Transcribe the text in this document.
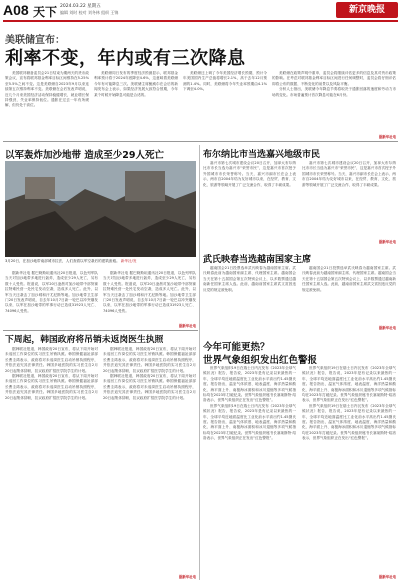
A08 天下 2024.03.22 星期五
编辑 刘时 校对 刘冬林 组织 王锦	新京晚报
美联储宣布：
利率不变，年内或有三次降息

美国联邦储备委员会21日结束为期两天的货币政策会议，宣布将联邦基金利率目标区间维持在5.25%至5.5%之间不变。这是美联储自2023年9月以来连续第五次维持利率不变。美联储在会后发表声明说，近几个月来美国经济活动保持稳健增长，就业增长保持强劲，失业率保持低位。通胀在过去一年有所缓解，但仍处于高位。

美联储同日发布的季度经济预测显示，联邦基金利率预计将于2024年底降至4.6%，这意味着美联储今年有可能降息三次。美联储主席鲍威尔在会后的新闻发布会上表示，如果经济发展大致符合预期，今年某个时候开始降息可能是合适的。

美联储还上调了今年美国经济增长预期，预计今年美国国内生产总值将增长2.1%，高于去年12月预测的1.4%。同时，美联储将今年失业率预期由4.1%下调至4.0%。

美联储在政策声明中重申，委员会将继续评估更多的信息及其对货币政策的影响。在考虑对联邦基金利率目标区间进行任何调整时，委员会将仔细评估即将公布的数据、不断变化的前景以及风险平衡。

分析人士指出，美联储今年降息节奏将取决于通胀回落的速度和劳动力市场的变化。市场普遍预计首次降息可能在6月份。

据新华社电
以军轰炸加沙地带 造成至少29人死亡
3月20日，在加沙地带南部城市拉法，人们查看以军空袭后的建筑废墟。 新华社/发

据新华社电 据巴勒斯坦通讯社20日报道，以色列军队当天对加沙地带多地进行轰炸，造成至少29人死亡，另有数十人受伤。报道说，以军20日凌晨对加沙地带中部努赛拉特难民营一处民宅发动空袭，造成多人死亡。此外，以军当天还袭击了加沙城和汗尤尼斯等地。加沙地带卫生部门20日发表声明说，自去年10月7日新一轮巴以冲突爆发以来，以军在加沙地带的军事行动已造成31923人死亡、74096人受伤。

据新华社电 据巴勒斯坦通讯社20日报道，以色列军队当天对加沙地带多地进行轰炸，造成至少29人死亡，另有数十人受伤。报道说，以军20日凌晨对加沙地带中部努赛拉特难民营一处民宅发动空袭，造成多人死亡。此外，以军当天还袭击了加沙城和汗尤尼斯等地。加沙地带卫生部门20日发表声明说，自去年10月7日新一轮巴以冲突爆发以来，以军在加沙地带的军事行动已造成31923人死亡、74096人受伤。

据新华社电
布尔纳比市当选嘉兴地级市民

嘉兴市第七次城市建设会议20日召开，加拿大布尔纳比市市长当选为嘉兴市“荣誉市民”，这是嘉兴市首次授予外国城市市长荣誉称号。当天，嘉兴市副市长在会上表示，两市自2004年结为友好城市以来，在经贸、教育、文化、旅游等领域开展了广泛交流合作，取得了丰硕成果。

嘉兴市第七次城市建设会议20日召开，加拿大布尔纳比市市长当选为嘉兴市“荣誉市民”，这是嘉兴市首次授予外国城市市长荣誉称号。当天，嘉兴市副市长在会上表示，两市自2004年结为友好城市以来，在经贸、教育、文化、旅游等领域开展了广泛交流合作，取得了丰硕成果。

据新华社电
武氏映春当选越南国家主席

越南国会21日投票选举武氏映春为越南国家主席。武氏映春此前为越南国家副主席、代理国家主席。越南国会当天在第十五届国会第五次特别会议上，以多数票通过越南新任国家主席人选。此前，越南前国家主席武文赏因违反党的规定被免职。

越南国会21日投票选举武氏映春为越南国家主席。武氏映春此前为越南国家副主席、代理国家主席。越南国会当天在第十五届国会第五次特别会议上，以多数票通过越南新任国家主席人选。此前，越南前国家主席武文赏因违反党的规定被免职。

据新华社电
今年可能更热？
世界气象组织发出红色警报

世界气象组织19日在瑞士日内瓦发布《2023年全球气候状况》报告，报告说，2023年是有记录以来最热的一年，全球平均近地面温度比工业化前水平高出约1.45摄氏度。报告指出，温室气体浓度、地表温度、海洋热量和酸化、海平面上升、南极海冰面积和冰川退缩等多项气候指标均在2023年打破纪录。世界气象组织秘书长塞莱斯特·绍洛表示，世界气象组织正在发出“红色警报”。

世界气象组织19日在瑞士日内瓦发布《2023年全球气候状况》报告，报告说，2023年是有记录以来最热的一年，全球平均近地面温度比工业化前水平高出约1.45摄氏度。报告指出，温室气体浓度、地表温度、海洋热量和酸化、海平面上升、南极海冰面积和冰川退缩等多项气候指标均在2023年打破纪录。世界气象组织秘书长塞莱斯特·绍洛表示，世界气象组织正在发出“红色警报”。

世界气象组织19日在瑞士日内瓦发布《2023年全球气候状况》报告，报告说，2023年是有记录以来最热的一年，全球平均近地面温度比工业化前水平高出约1.45摄氏度。报告指出，温室气体浓度、地表温度、海洋热量和酸化、海平面上升、南极海冰面积和冰川退缩等多项气候指标均在2023年打破纪录。世界气象组织秘书长塞莱斯特·绍洛表示，世界气象组织正在发出“红色警报”。

世界气象组织19日在瑞士日内瓦发布《2023年全球气候状况》报告，报告说，2023年是有记录以来最热的一年，全球平均近地面温度比工业化前水平高出约1.45摄氏度。报告指出，温室气体浓度、地表温度、海洋热量和酸化、海平面上升、南极海冰面积和冰川退缩等多项气候指标均在2023年打破纪录。世界气象组织秘书长塞莱斯特·绍洛表示，世界气象组织正在发出“红色警报”。

据新华社电
下周起，韩国政府将吊销未返岗医生执照

据韩联社报道，韩国政府20日宣布，将从下周开始对未返回工作岗位的实习医生吊销执照。韩国保健福祉部部长曹圭鸿表示，政府将对未返岗医生启动吊销执照程序，并依法追究其法律责任。韩国多地医院的实习医生自2月20日起集体辞职，抗议政府扩招医学院学生的计划。

据韩联社报道，韩国政府20日宣布，将从下周开始对未返回工作岗位的实习医生吊销执照。韩国保健福祉部部长曹圭鸿表示，政府将对未返岗医生启动吊销执照程序，并依法追究其法律责任。韩国多地医院的实习医生自2月20日起集体辞职，抗议政府扩招医学院学生的计划。

据韩联社报道，韩国政府20日宣布，将从下周开始对未返回工作岗位的实习医生吊销执照。韩国保健福祉部部长曹圭鸿表示，政府将对未返岗医生启动吊销执照程序，并依法追究其法律责任。韩国多地医院的实习医生自2月20日起集体辞职，抗议政府扩招医学院学生的计划。

据韩联社报道，韩国政府20日宣布，将从下周开始对未返回工作岗位的实习医生吊销执照。韩国保健福祉部部长曹圭鸿表示，政府将对未返岗医生启动吊销执照程序，并依法追究其法律责任。韩国多地医院的实习医生自2月20日起集体辞职，抗议政府扩招医学院学生的计划。

据新华社电
